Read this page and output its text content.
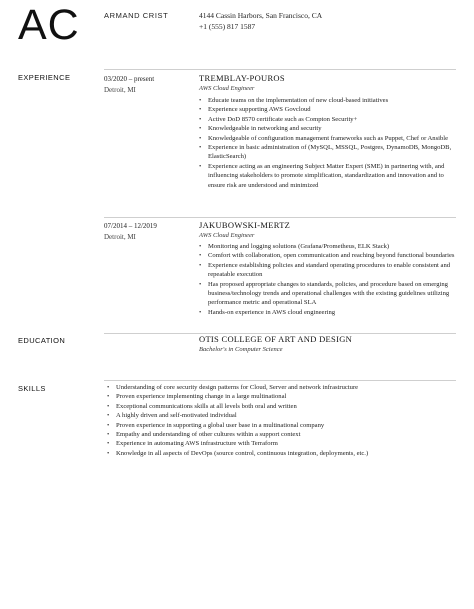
AC	ARMAND CRIST	4144 Cassin Harbors, San Francisco, CA
+1 (555) 817 1587
EXPERIENCE	03/2020 – present
Detroit, MI
TREMBLAY-POUROS
AWS Cloud Engineer
• Educate teams on the implementation of new cloud-based initiatives
• Experience supporting AWS Govcloud
• Active DoD 8570 certificate such as Compton Security+
• Knowledgeable in networking and security
• Knowledgeable of configuration management frameworks such as Puppet, Chef or Ansible
• Experience in basic administration of (MySQL, MSSQL, Postgres, DynamoDB, MongoDB, ElasticSearch)
• Experience acting as an engineering Subject Matter Expert (SME) in partnering with, and influencing stakeholders to promote simplification, standardization and innovation and to ensure risk are understood and minimized
07/2014 – 12/2019
Detroit, MI
JAKUBOWSKI-MERTZ
AWS Cloud Engineer
• Monitoring and logging solutions (Grafana/Prometheus, ELK Stack)
• Comfort with collaboration, open communication and reaching beyond functional boundaries
• Experience establishing policies and standard operating procedures to enable consistent and repeatable execution
• Has proposed appropriate changes to standards, policies, and procedure based on emerging business/technology trends and operational challenges with the existing guidelines utilizing performance metric and operational SLA
• Hands-on experience in AWS cloud engineering
EDUCATION	OTIS COLLEGE OF ART AND DESIGN
Bachelor's in Computer Science
SKILLS
•	Understanding of core security design patterns for Cloud, Server and network infrastructure
• Proven experience implementing change in a large multinational
• Exceptional communications skills at all levels both oral and written
• A highly driven and self-motivated individual
• Proven experience in supporting a global user base in a multinational company
• Empathy and understanding of other cultures within a support context
• Experience in automating AWS infrastructure with Terraform
• Knowledge in all aspects of DevOps (source control, continuous integration, deployments, etc.)
